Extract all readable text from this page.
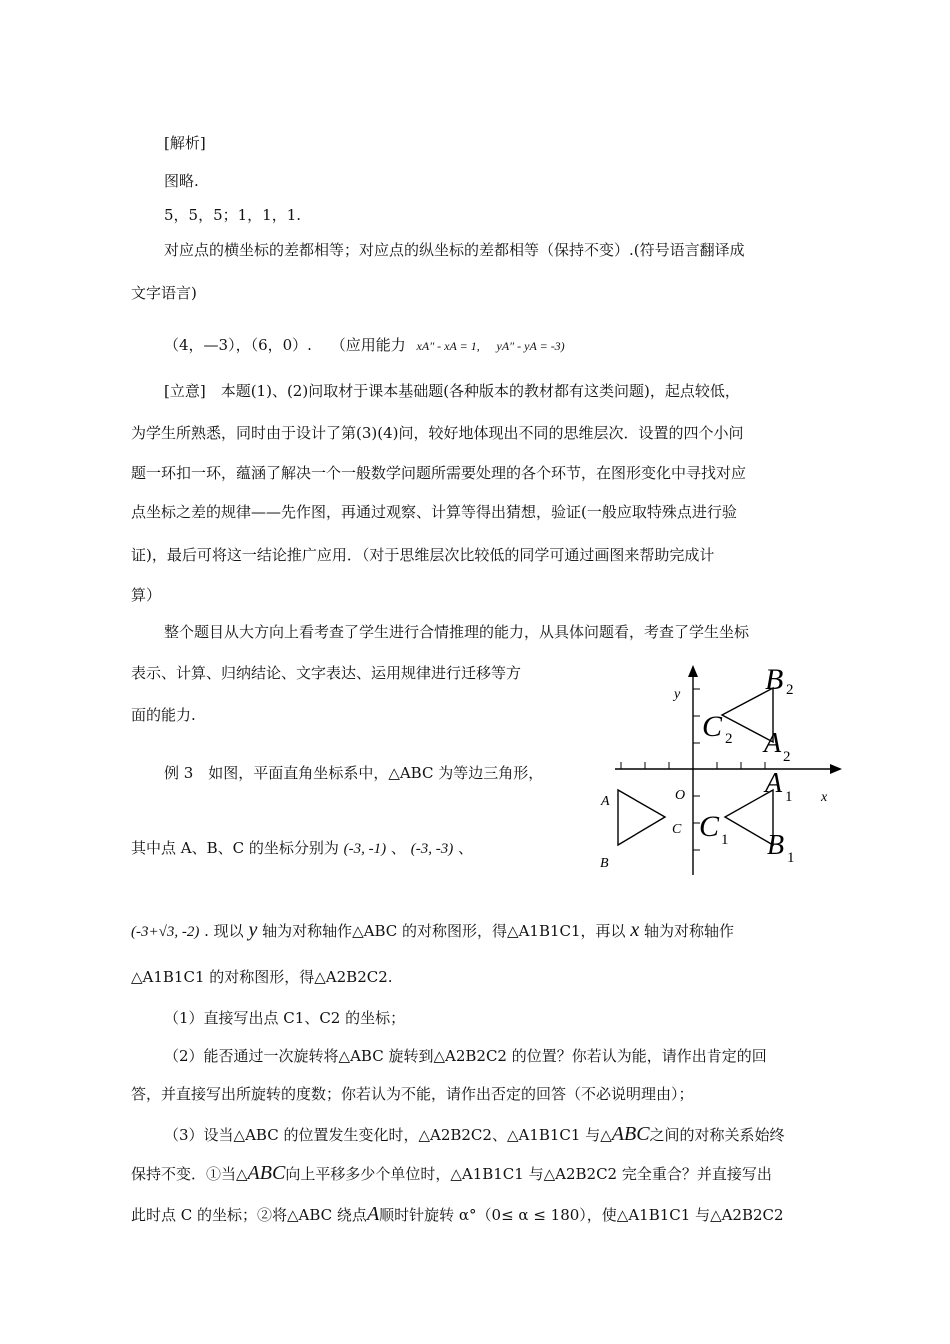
[解析]
图略.
5，5，5；1，1，1.
对应点的横坐标的差都相等；对应点的纵坐标的差都相等（保持不变）.(符号语言翻译成
文字语言)
（4，—3），（6，0）. （应用能力 xA″ - xA = 1, yA″ - yA = -3)
[立意]　本题(1)、(2)问取材于课本基础题(各种版本的教材都有这类问题)，起点较低，
为学生所熟悉，同时由于设计了第(3)(4)问，较好地体现出不同的思维层次．设置的四个小问
题一环扣一环，蕴涵了解决一个一般数学问题所需要处理的各个环节，在图形变化中寻找对应
点坐标之差的规律——先作图，再通过观察、计算等得出猜想，验证(一般应取特殊点进行验
证)，最后可将这一结论推广应用．（对于思维层次比较低的同学可通过画图来帮助完成计
算）
整个题目从大方向上看考查了学生进行合情推理的能力，从具体问题看，考查了学生坐标
表示、计算、归纳结论、文字表达、运用规律进行迁移等方
面的能力.
例 3　如图，平面直角坐标系中，△ABC 为等边三角形，
其中点 A、B、C 的坐标分别为 (-3, -1) 、 (-3, -3) 、
(-3+√3, -2) . 现以 y 轴为对称轴作△ABC 的对称图形，得△A1B1C1，再以 x 轴为对称轴作
△A1B1C1 的对称图形，得△A2B2C2.
（1）直接写出点 C1、C2 的坐标；
（2）能否通过一次旋转将△ABC 旋转到△A2B2C2 的位置？你若认为能，请作出肯定的回
答，并直接写出所旋转的度数；你若认为不能，请作出否定的回答（不必说明理由）；
（3）设当△ABC 的位置发生变化时，△A2B2C2、△A1B1C1 与△ABC之间的对称关系始终
保持不变．①当△ABC向上平移多少个单位时，△A1B1C1 与△A2B2C2 完全重合？并直接写出
此时点 C 的坐标；②将△ABC 绕点A顺时针旋转 α°（0≤ α ≤ 180），使△A1B1C1 与△A2B2C2
y
x
O
A
B
C
B 2
C 2 A 2
A 1
C 1 B 1
